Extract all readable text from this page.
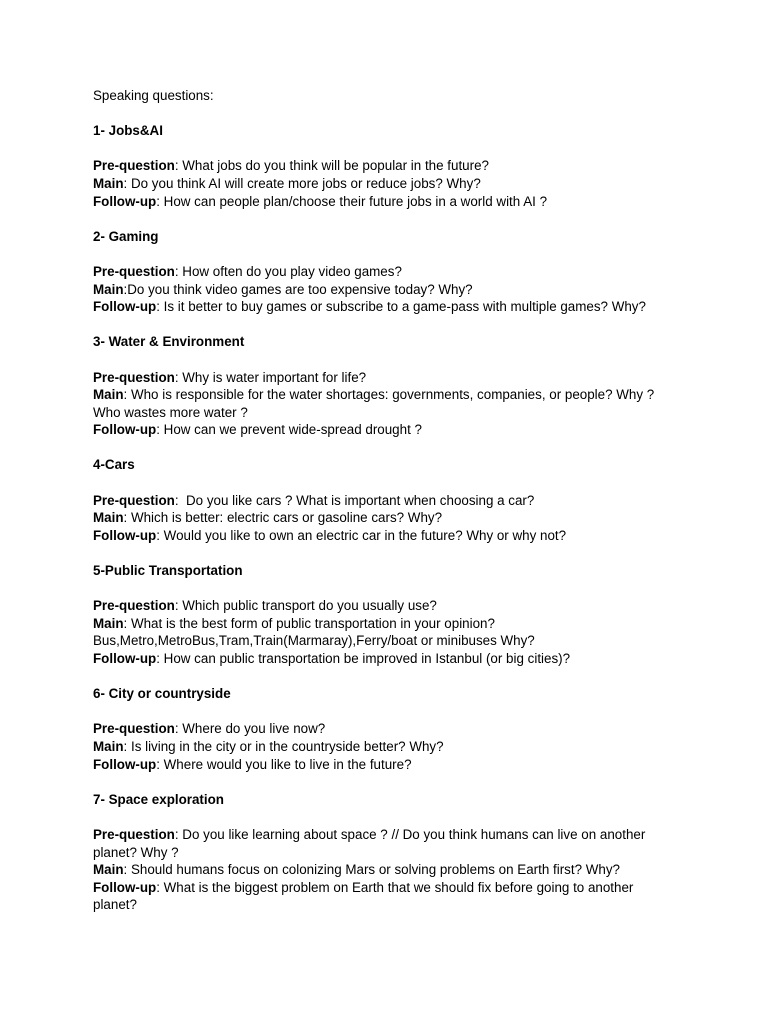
Speaking questions:
1- Jobs&AI
Pre-question: What jobs do you think will be popular in the future?
Main: Do you think AI will create more jobs or reduce jobs? Why?
Follow-up: How can people plan/choose their future jobs in a world with AI ?
2- Gaming
Pre-question: How often do you play video games?
Main:Do you think video games are too expensive today? Why?
Follow-up: Is it better to buy games or subscribe to a game-pass with multiple games? Why?
3- Water & Environment
Pre-question: Why is water important for life?
Main: Who is responsible for the water shortages: governments, companies, or people? Why ? Who wastes more water ?
Follow-up: How can we prevent wide-spread drought ?
4-Cars
Pre-question:  Do you like cars ? What is important when choosing a car?
Main: Which is better: electric cars or gasoline cars? Why?
Follow-up: Would you like to own an electric car in the future? Why or why not?
5-Public Transportation
Pre-question: Which public transport do you usually use?
Main: What is the best form of public transportation in your opinion? Bus,Metro,MetroBus,Tram,Train(Marmaray),Ferry/boat or minibuses Why?
Follow-up: How can public transportation be improved in Istanbul (or big cities)?
6- City or countryside
Pre-question: Where do you live now?
Main: Is living in the city or in the countryside better? Why?
Follow-up: Where would you like to live in the future?
7- Space exploration
Pre-question: Do you like learning about space ? // Do you think humans can live on another planet? Why ?
Main: Should humans focus on colonizing Mars or solving problems on Earth first? Why?
Follow-up: What is the biggest problem on Earth that we should fix before going to another planet?
